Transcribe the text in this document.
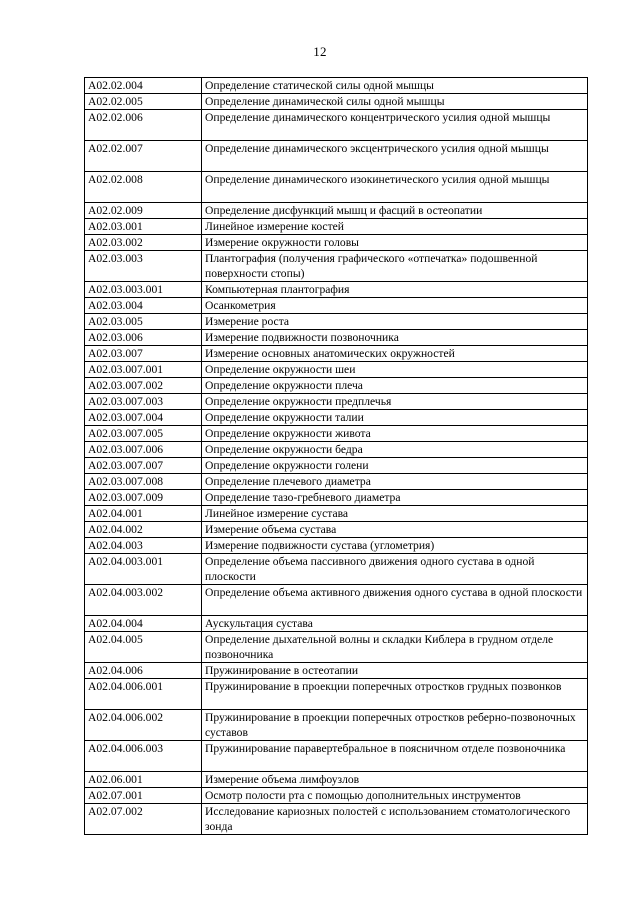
12
A02.02.004	Определение статической силы одной мышцы
A02.02.005	Определение динамической силы одной мышцы
A02.02.006	Определение динамического концентрического усилия одной мышцы
A02.02.007	Определение динамического эксцентрического усилия одной мышцы
A02.02.008	Определение динамического изокинетического усилия одной мышцы
A02.02.009	Определение дисфункций мышц и фасций в остеопатии
A02.03.001	Линейное измерение костей
A02.03.002	Измерение окружности головы
A02.03.003	Плантография (получения графического «отпечатка» подошвенной поверхности стопы)
A02.03.003.001	Компьютерная плантография
A02.03.004	Осанкометрия
A02.03.005	Измерение роста
A02.03.006	Измерение подвижности позвоночника
A02.03.007	Измерение основных анатомических окружностей
A02.03.007.001	Определение окружности шеи
A02.03.007.002	Определение окружности плеча
A02.03.007.003	Определение окружности предплечья
A02.03.007.004	Определение окружности талии
A02.03.007.005	Определение окружности живота
A02.03.007.006	Определение окружности бедра
A02.03.007.007	Определение окружности голени
A02.03.007.008	Определение плечевого диаметра
A02.03.007.009	Определение тазо-гребневого диаметра
A02.04.001	Линейное измерение сустава
A02.04.002	Измерение объема сустава
A02.04.003	Измерение подвижности сустава (углометрия)
A02.04.003.001	Определение объема пассивного движения одного сустава в одной плоскости
A02.04.003.002	Определение объема активного движения одного сустава в одной плоскости
A02.04.004	Аускультация сустава
A02.04.005	Определение дыхательной волны и складки Киблера в грудном отделе позвоночника
A02.04.006	Пружинирование в остеотапии
A02.04.006.001	Пружинирование в проекции поперечных отростков грудных позвонков
A02.04.006.002	Пружинирование в проекции поперечных отростков реберно-позвоночных суставов
A02.04.006.003	Пружинирование паравертебральное в поясничном отделе позвоночника
A02.06.001	Измерение объема лимфоузлов
A02.07.001	Осмотр полости рта с помощью дополнительных инструментов
A02.07.002	Исследование кариозных полостей с использованием стоматологического зонда
